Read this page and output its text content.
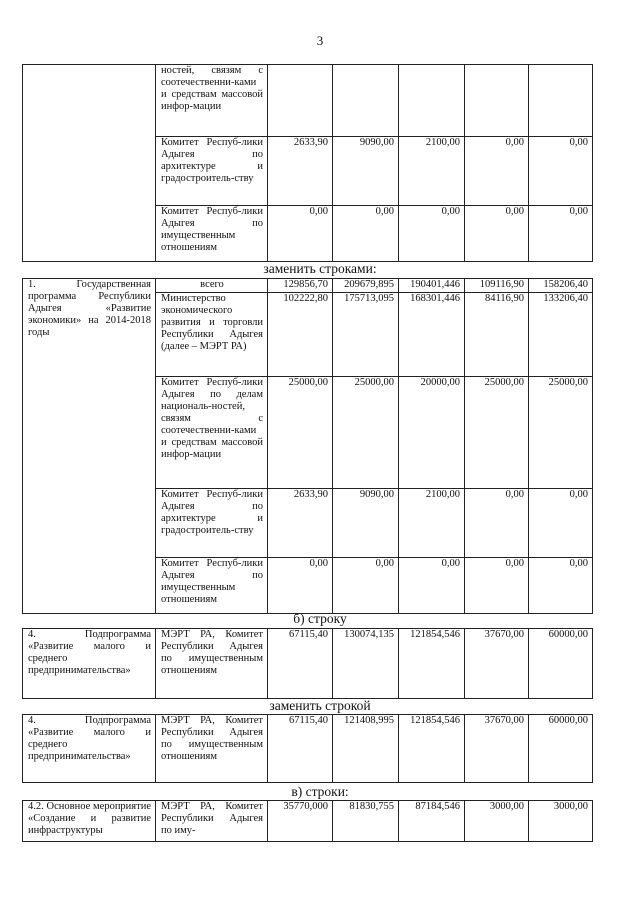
3
	ностей, связям с соотечественни-ками и средствам массовой инфор-мации					
	Комитет Респуб-лики Адыгея по архитектуре и градостроитель-ству	2633,90	9090,00	2100,00	0,00	0,00
	Комитет Респуб-лики Адыгея по имущественным отношениям	0,00	0,00	0,00	0,00	0,00
заменить строками:
1. Государственная программа Республики Адыгея «Развитие экономики» на 2014-2018 годы	всего	129856,70	209679,895	190401,446	109116,90	158206,40
	Министерство экономического развития и торговли Республики Адыгея (далее – МЭРТ РА)	102222,80	175713,095	168301,446	84116,90	133206,40
	Комитет Респуб-лики Адыгея по делам националь-ностей, связям с соотечественни-ками и средствам массовой инфор-мации	25000,00	25000,00	20000,00	25000,00	25000,00
	Комитет Респуб-лики Адыгея по архитектуре и градостроитель-ству	2633,90	9090,00	2100,00	0,00	0,00
	Комитет Респуб-лики Адыгея по имущественным отношениям	0,00	0,00	0,00	0,00	0,00
б) строку
4. Подпрограмма «Развитие малого и среднего предпринимательства»	МЭРТ РА, Комитет Республики Адыгея по имущественным отношениям	67115,40	130074,135	121854,546	37670,00	60000,00
заменить строкой
4. Подпрограмма «Развитие малого и среднего предпринимательства»	МЭРТ РА, Комитет Республики Адыгея по имущественным отношениям	67115,40	121408,995	121854,546	37670,00	60000,00
в) строки:
4.2. Основное мероприятие «Создание и развитие инфраструктуры	МЭРТ РА, Комитет Республики Адыгея по иму-	35770,000	81830,755	87184,546	3000,00	3000,00
